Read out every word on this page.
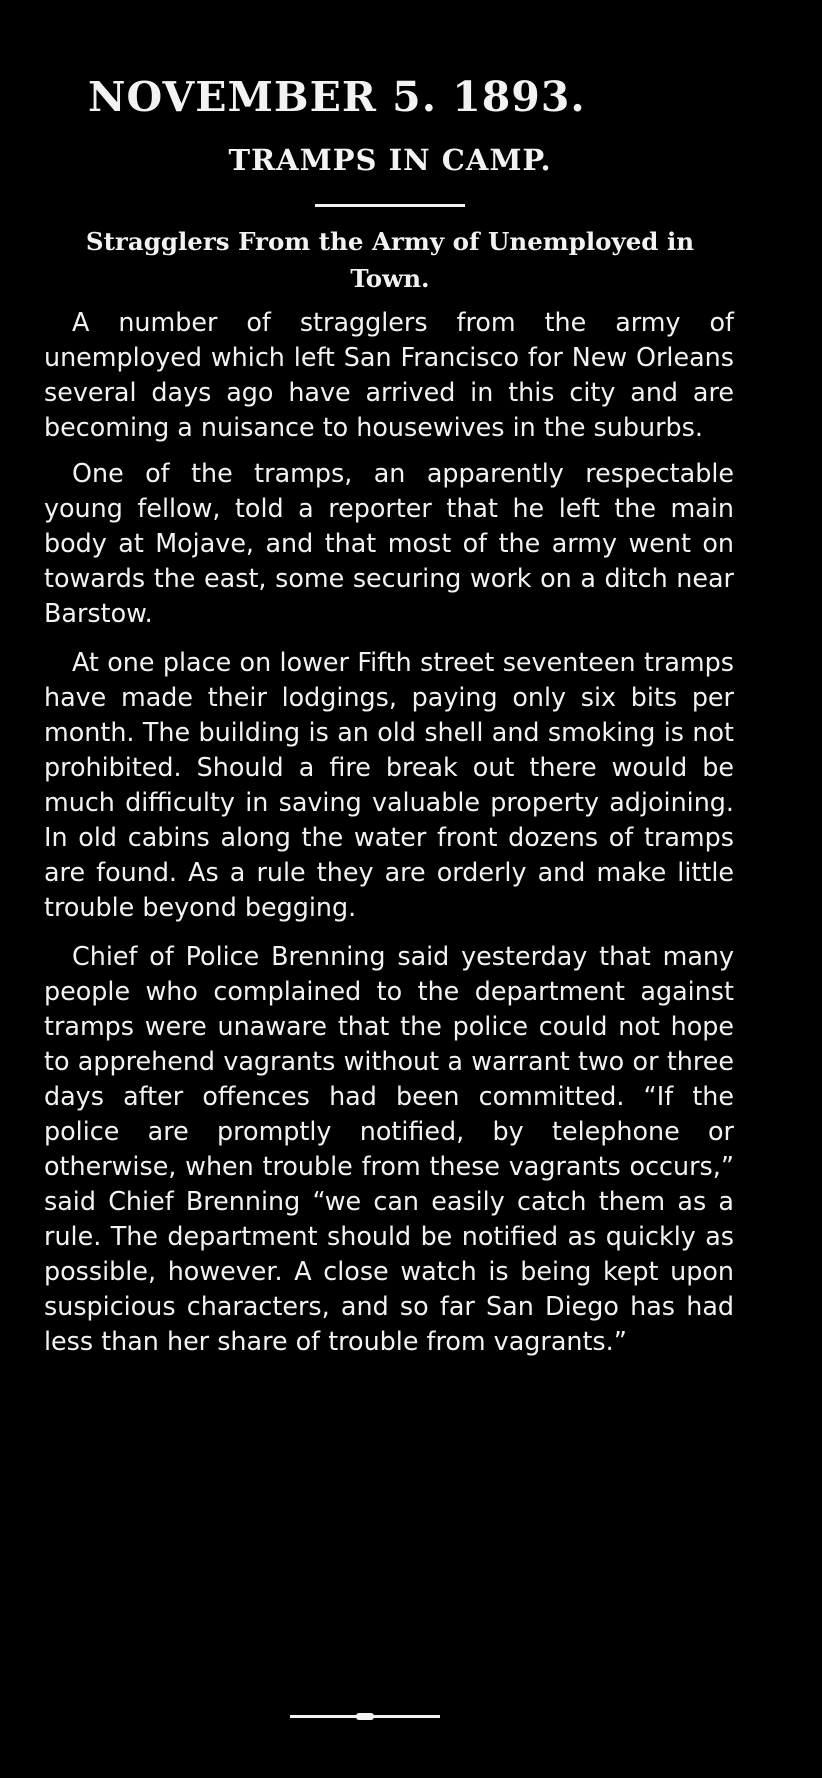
NOVEMBER 5. 1893.
TRAMPS IN CAMP.
Stragglers From the Army of Unemployed in Town.

A number of stragglers from the army of unemployed which left San Francisco for New Orleans several days ago have arrived in this city and are becoming a nuisance to housewives in the suburbs.

One of the tramps, an apparently respectable young fellow, told a reporter that he left the main body at Mojave, and that most of the army went on towards the east, some securing work on a ditch near Barstow.

At one place on lower Fifth street seventeen tramps have made their lodgings, paying only six bits per month. The building is an old shell and smoking is not prohibited. Should a fire break out there would be much difficulty in saving valuable property adjoining. In old cabins along the water front dozens of tramps are found. As a rule they are orderly and make little trouble beyond begging.

Chief of Police Brenning said yesterday that many people who complained to the department against tramps were unaware that the police could not hope to apprehend vagrants without a warrant two or three days after offences had been committed. “If the police are promptly notified, by telephone or otherwise, when trouble from these vagrants occurs,” said Chief Brenning “we can easily catch them as a rule. The department should be notified as quickly as possible, however. A close watch is being kept upon suspicious characters, and so far San Diego has had less than her share of trouble from vagrants.”
